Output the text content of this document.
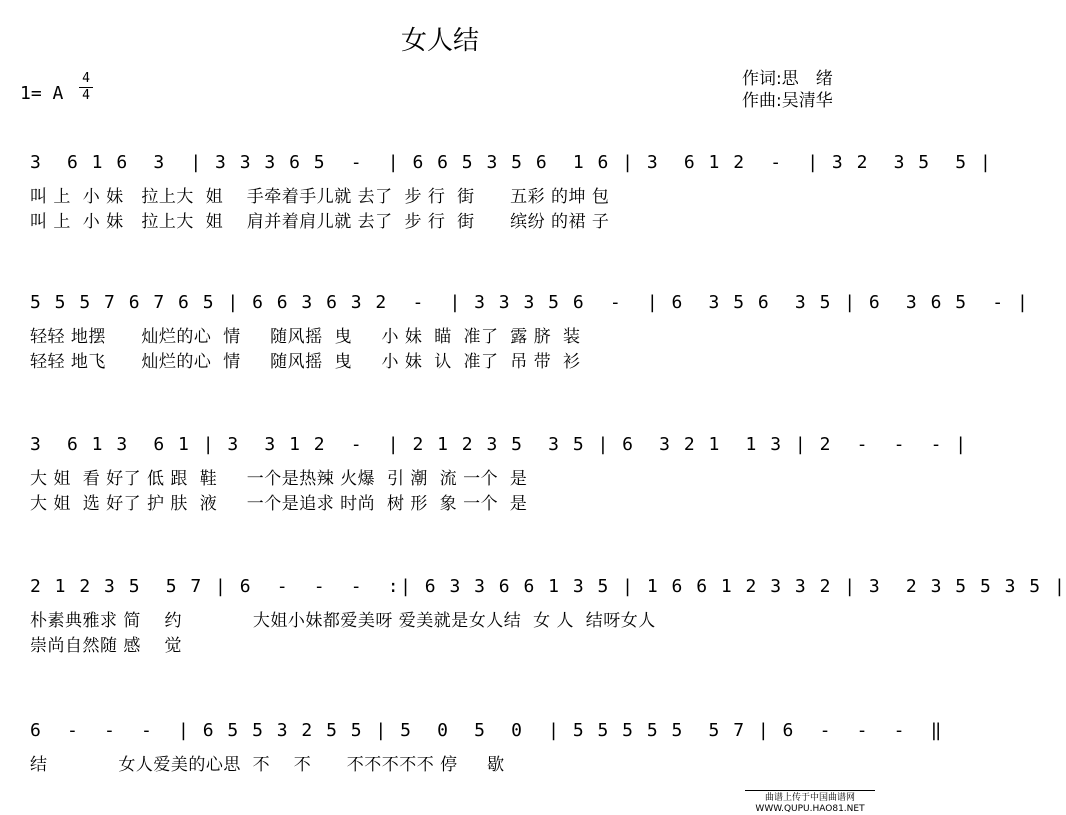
女人结
1= A
4
4
作词:思　绪
作曲:吴清华
3  6 1 6  3  | 3 3 3 6 5  -  | 6 6 5 3 5 6  1 6 | 3  6 1 2  -  | 3 2  3 5  5 |
叫 上  小 妹   拉上大  姐    手牵着手儿就 去了  步 行  街      五彩 的坤 包
叫 上  小 妹   拉上大  姐    肩并着肩儿就 去了  步 行  街      缤纷 的裙 子
5 5 5 7 6 7 6 5 | 6 6 3 6 3 2  -  | 3 3 3 5 6  -  | 6  3 5 6  3 5 | 6  3 6 5  - |
轻轻 地摆      灿烂的心  情     随风摇  曳     小 妹  瞄  准了  露 脐  装
轻轻 地飞      灿烂的心  情     随风摇  曳     小 妹  认  准了  吊 带  衫
3  6 1 3  6 1 | 3  3 1 2  -  | 2 1 2 3 5  3 5 | 6  3 2 1  1 3 | 2  -  -  - |
大 姐  看 好了 低 跟  鞋     一个是热辣 火爆  引 潮  流 一个  是
大 姐  选 好了 护 肤  液     一个是追求 时尚  树 形  象 一个  是
2 1 2 3 5  5 7 | 6  -  -  -  :| 6 3 3 6 6 1 3 5 | 1 6 6 1 2 3 3 2 | 3  2 3 5 5 3 5 |
朴素典雅求 简    约            大姐小妹都爱美呀 爱美就是女人结  女 人  结呀女人
崇尚自然随 感    觉
6  -  -  -  | 6 5 5 3 2 5 5 | 5  0  5  0  | 5 5 5 5 5  5 7 | 6  -  -  -  ‖
结            女人爱美的心思  不    不      不不不不不 停     歇
曲谱上传于中国曲谱网
WWW.QUPU.HAO81.NET
